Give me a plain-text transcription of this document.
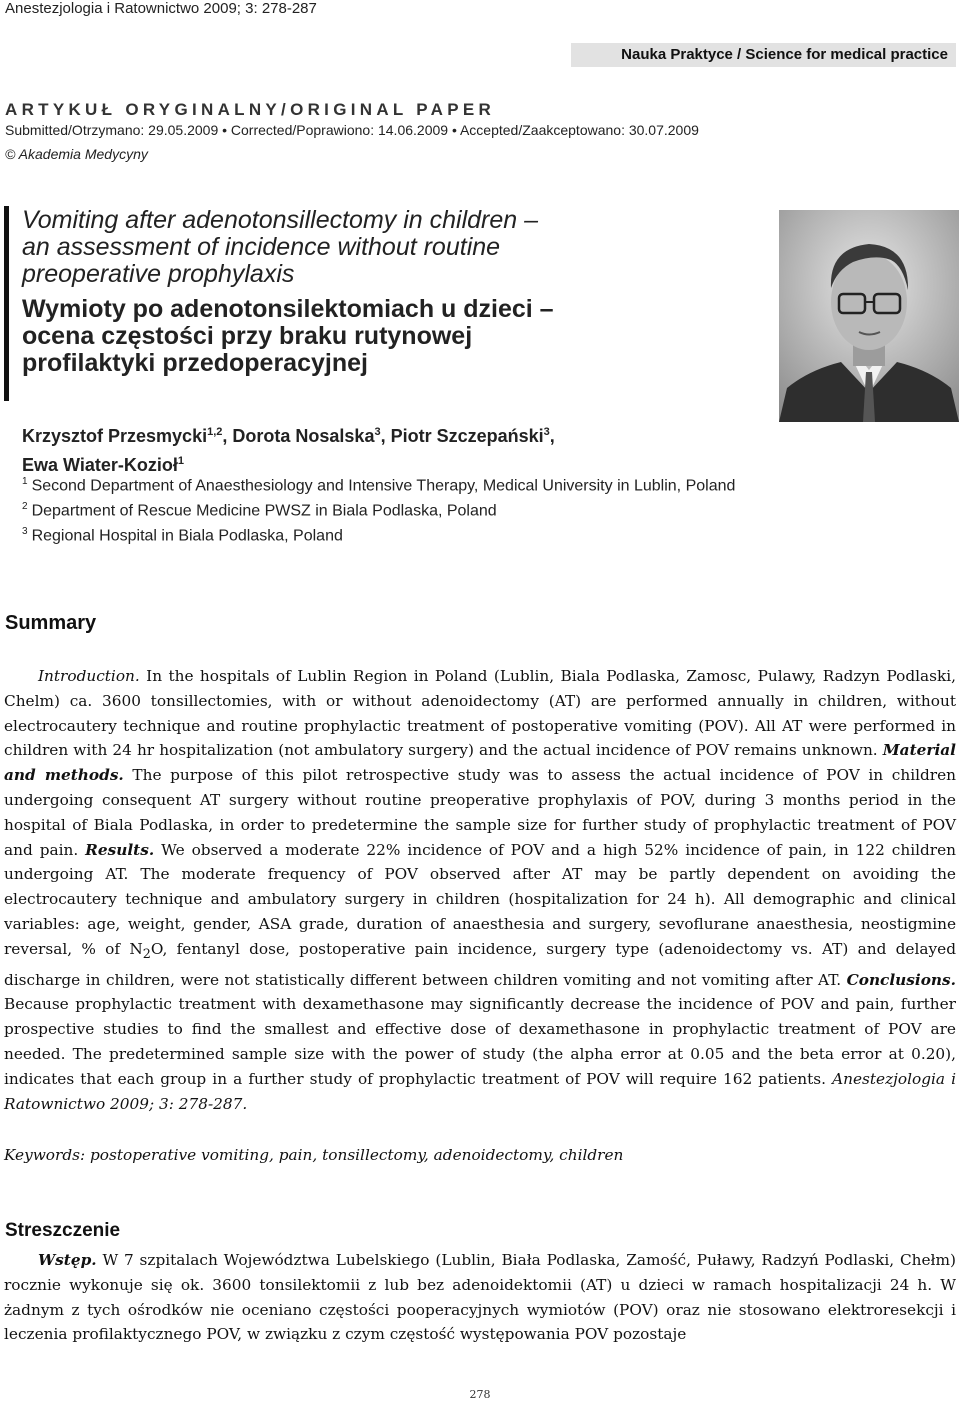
Anestezjologia i Ratownictwo 2009; 3: 278-287
Nauka Praktyce / Science for medical practice
ARTYKUŁ ORYGINALNY/ORIGINAL PAPER
Submitted/Otrzymano: 29.05.2009 • Corrected/Poprawiono: 14.06.2009 • Accepted/Zaakceptowano: 30.07.2009
© Akademia Medycyny
Vomiting after adenotonsillectomy in children –
an assessment of incidence without routine
preoperative prophylaxis
Wymioty po adenotonsilektomiach u dzieci –
ocena częstości przy braku rutynowej
profilaktyki przedoperacyjnej
Krzysztof Przesmycki$^{1,2}$, Dorota Nosalska$^3$, Piotr Szczepański$^3$,
Ewa Wiater-Kozioł$^1$
$^1$ Second Department of Anaesthesiology and Intensive Therapy, Medical University in Lublin, Poland
$^2$ Department of Rescue Medicine PWSZ in Biala Podlaska, Poland
$^3$ Regional Hospital in Biala Podlaska, Poland
Summary
Introduction. In the hospitals of Lublin Region in Poland (Lublin, Biala Podlaska, Zamosc, Pulawy, Radzyn Podlaski, Chelm) ca. 3600 tonsillectomies, with or without adenoidectomy (AT) are performed annually in children, without electrocautery technique and routine prophylactic treatment of postoperative vomiting (POV). All AT were performed in children with 24 hr hospitalization (not ambulatory surgery) and the actual incidence of POV remains unknown. Material and methods. The purpose of this pilot retrospective study was to assess the actual incidence of POV in children undergoing consequent AT surgery without routine preoperative prophylaxis of POV, during 3 months period in the hospital of Biala Podlaska, in order to predetermine the sample size for further study of prophylactic treatment of POV and pain. Results. We observed a moderate 22% incidence of POV and a high 52% incidence of pain, in 122 children undergoing AT. The moderate frequency of POV observed after AT may be partly dependent on avoiding the electrocautery technique and ambulatory surgery in children (hospitalization for 24 h). All demographic and clinical variables: age, weight, gender, ASA grade, duration of anaesthesia and surgery, sevoflurane anaesthesia, neostigmine reversal, % of $N_2O$, fentanyl dose, postoperative pain incidence, surgery type (adenoidectomy vs. AT) and delayed discharge in children, were not statistically different between children vomiting and not vomiting after AT. Conclusions. Because prophylactic treatment with dexamethasone may significantly decrease the incidence of POV and pain, further prospective studies to find the smallest and effective dose of dexamethasone in prophylactic treatment of POV are needed. The predetermined sample size with the power of study (the alpha error at 0.05 and the beta error at 0.20), indicates that each group in a further study of prophylactic treatment of POV will require 162 patients. Anestezjologia i Ratownictwo 2009; 3: 278-287.
Keywords: postoperative vomiting, pain, tonsillectomy, adenoidectomy, children
Streszczenie
Wstęp. W 7 szpitalach Województwa Lubelskiego (Lublin, Biała Podlaska, Zamość, Puławy, Radzyń Podlaski, Chełm) rocznie wykonuje się ok. 3600 tonsilektomii z lub bez adenoidektomii (AT) u dzieci w ramach hospitalizacji 24 h. W żadnym z tych ośrodków nie oceniano częstości pooperacyjnych wymiotów (POV) oraz nie stosowano elektroresekcji i leczenia profilaktycznego POV, w związku z czym częstość występowania POV pozostaje
278
